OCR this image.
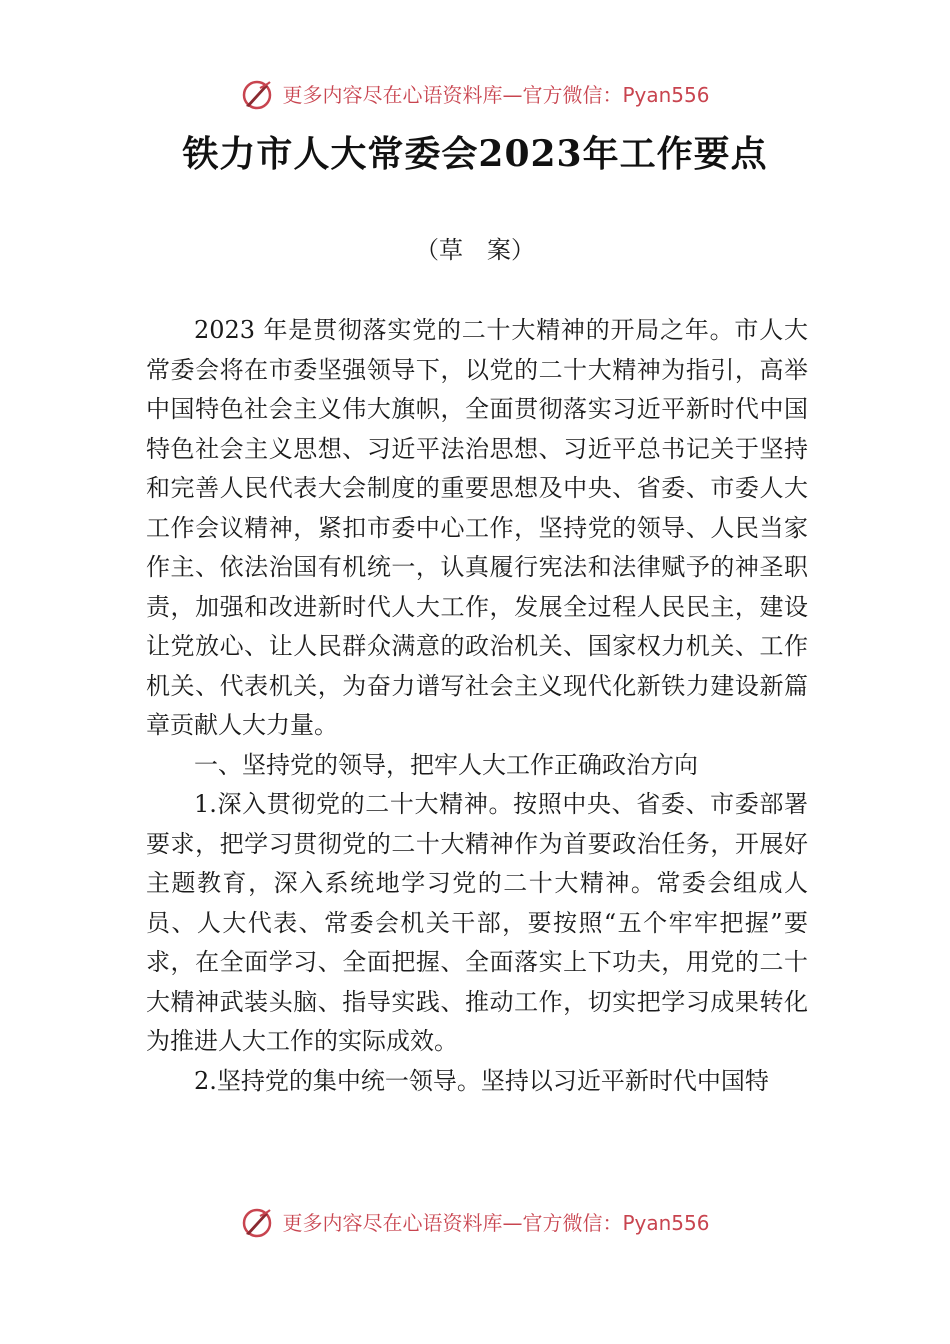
更多内容尽在心语资料库—官方微信：Pyan556
铁力市人大常委会2023年工作要点
（草　案）

2023 年是贯彻落实党的二十大精神的开局之年。市人大常委会将在市委坚强领导下，以党的二十大精神为指引，高举中国特色社会主义伟大旗帜，全面贯彻落实习近平新时代中国特色社会主义思想、习近平法治思想、习近平总书记关于坚持和完善人民代表大会制度的重要思想及中央、省委、市委人大工作会议精神，紧扣市委中心工作，坚持党的领导、人民当家作主、依法治国有机统一，认真履行宪法和法律赋予的神圣职责，加强和改进新时代人大工作，发展全过程人民民主，建设让党放心、让人民群众满意的政治机关、国家权力机关、工作机关、代表机关，为奋力谱写社会主义现代化新铁力建设新篇章贡献人大力量。

一、坚持党的领导，把牢人大工作正确政治方向

1.深入贯彻党的二十大精神。按照中央、省委、市委部署要求，把学习贯彻党的二十大精神作为首要政治任务，开展好主题教育，深入系统地学习党的二十大精神。常委会组成人员、人大代表、常委会机关干部，要按照“五个牢牢把握”要求，在全面学习、全面把握、全面落实上下功夫，用党的二十大精神武装头脑、指导实践、推动工作，切实把学习成果转化为推进人大工作的实际成效。

2.坚持党的集中统一领导。坚持以习近平新时代中国特

更多内容尽在心语资料库—官方微信：Pyan556
